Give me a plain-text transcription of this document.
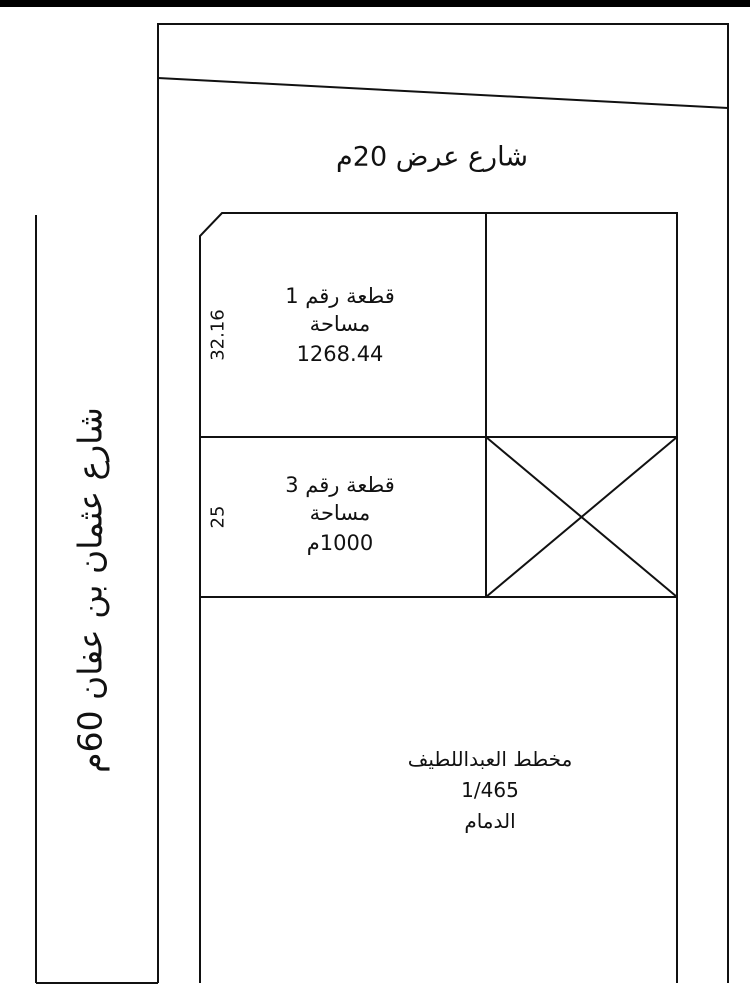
شارع عرض 20م
شارع عثمان بن عفان 60م
32.16
25
قطعة رقم 1
مساحة
1268.44
قطعة رقم 3
مساحة
1000م
مخطط العبداللطيف
1/465
الدمام
